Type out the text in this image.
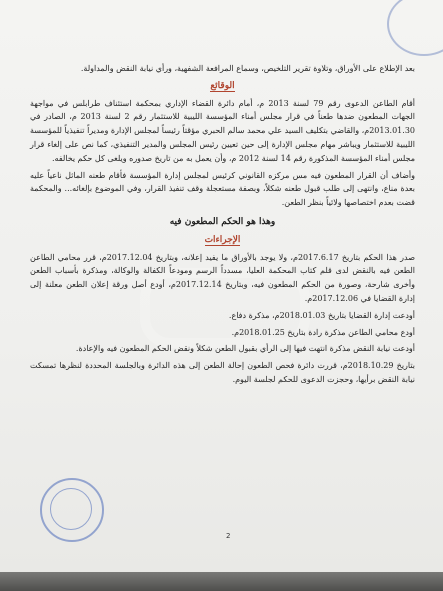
بعد الإطلاع على الأوراق، وتلاوة تقرير التلخيص، وسماع المرافعة الشفهية، ورأي نيابة النقض والمداولة.

الوقائع

أقام الطاعن الدعوى رقم 79 لسنة 2013 م، أمام دائرة القضاء الإداري بمحكمة استئناف طرابلس في مواجهة الجهات المطعون ضدها طعناً في قرار مجلس أمناء المؤسسة الليبية للاستثمار رقم 2 لسنة 2013 م، الصادر في 2013.01.30م، والقاضي بتكليف السيد علي محمد سالم الحبري مؤقتاً رئيساً لمجلس الإدارة ومديراً تنفيذياً للمؤسسة الليبية للاستثمار ويباشر مهام مجلس الإدارة إلى حين تعيين رئيس المجلس والمدير التنفيذي، كما نص على إلغاء قرار مجلس أمناء المؤسسة المذكورة رقم 14 لسنة 2012 م، وأن يعمل به من تاريخ صدوره ويلغى كل حكم يخالفه.

وأضاف أن القرار المطعون فيه مس مركزه القانوني كرئيس لمجلس إدارة المؤسسة فأقام طعنه الماثل ناعياً عليه بعدة مناع، وانتهى إلى طلب قبول طعنه شكلاً، وبصفة مستعجلة وقف تنفيذ القرار، وفي الموضوع بإلغائه... والمحكمة قضت بعدم اختصاصها ولائياً بنظر الطعن.

وهذا هو الحكم المطعون فيه
الإجراءات

صدر هذا الحكم بتاريخ 2017.6.17م، ولا يوجد بالأوراق ما يفيد إعلانه، وبتاريخ 2017.12.04م، قرر محامي الطاعن الطعن فيه بالنقض لدى قلم كتاب المحكمة العليا، مسدداً الرسم ومودعاً الكفالة والوكالة، ومذكرة بأسباب الطعن وأخرى شارحة، وصورة من الحكم المطعون فيه، وبتاريخ 2017.12.14م، أودع أصل ورقة إعلان الطعن معلنة إلى إدارة القضايا في 2017.12.06م.

أودعت إدارة القضايا بتاريخ 2018.01.03م، مذكرة دفاع.

أودع محامي الطاعن مذكرة رادة بتاريخ 2018.01.25م.

أودعت نيابة النقض مذكرة انتهت فيها إلى الرأي بقبول الطعن شكلاً ونقض الحكم المطعون فيه والإعادة.

بتاريخ 2018.10.29م، قررت دائرة فحص الطعون إحالة الطعن إلى هذه الدائرة وبالجلسة المحددة لنظرها تمسكت نيابة النقض برأيها، وحجزت الدعوى للحكم لجلسة اليوم.

2
